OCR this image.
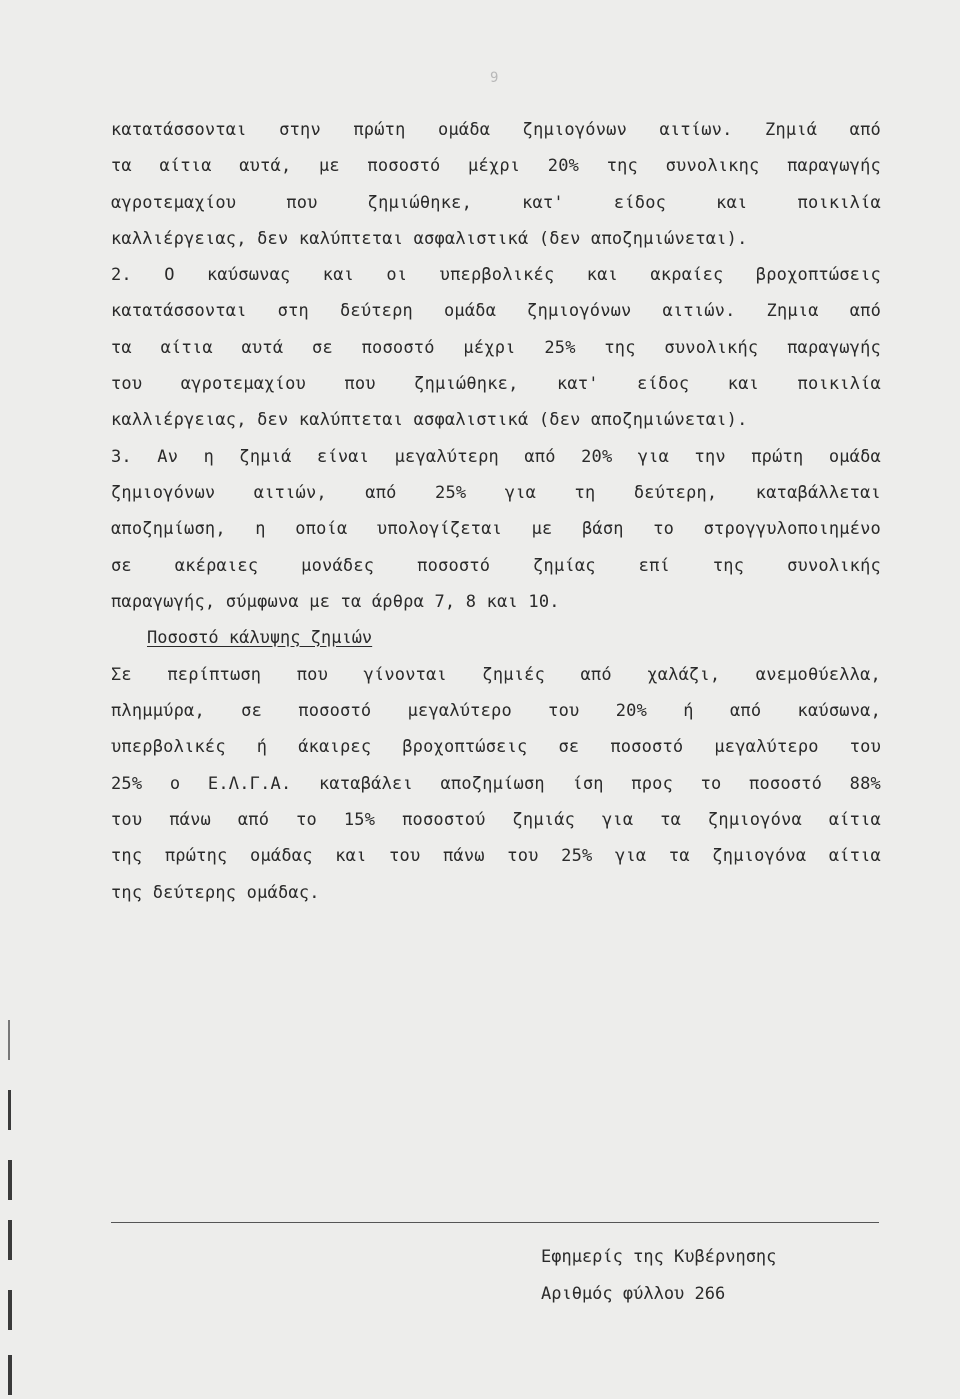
9
κατατάσσονται στην πρώτη ομάδα ζημιογόνων αιτίων. Ζημιά από
τα αίτια αυτά, με ποσοστό μέχρι 20% της συνολικης παραγωγής
αγροτεμαχίου που ζημιώθηκε, κατ' είδος και ποικιλία
καλλιέργειας, δεν καλύπτεται ασφαλιστικά (δεν αποζημιώνεται).
2. Ο καύσωνας και οι υπερβολικές και ακραίες βροχοπτώσεις
κατατάσσονται στη δεύτερη ομάδα ζημιογόνων αιτιών. Ζημια από
τα αίτια αυτά σε ποσοστό μέχρι 25% της συνολικής παραγωγής
του αγροτεμαχίου που ζημιώθηκε, κατ' είδος και ποικιλία
καλλιέργειας, δεν καλύπτεται ασφαλιστικά (δεν αποζημιώνεται).
3. Αν η ζημιά είναι μεγαλύτερη από 20% για την πρώτη ομάδα
ζημιογόνων αιτιών, από 25% για τη δεύτερη, καταβάλλεται
αποζημίωση, η οποία υπολογίζεται με βάση το στρογγυλοποιημένο
σε ακέραιες μονάδες ποσοστό ζημίας επί της συνολικής
παραγωγής, σύμφωνα με τα άρθρα 7, 8 και 10.
Ποσοστό κάλυψης ζημιών
Σε περίπτωση που γίνονται ζημιές από χαλάζι, ανεμοθύελλα,
πλημμύρα, σε ποσοστό μεγαλύτερο του 20% ή από καύσωνα,
υπερβολικές ή άκαιρες βροχοπτώσεις σε ποσοστό μεγαλύτερο του
25% ο Ε.Λ.Γ.Α. καταβάλει αποζημίωση ίση προς το ποσοστό 88%
του πάνω από το 15% ποσοστού ζημιάς για τα ζημιογόνα αίτια
της πρώτης ομάδας και του πάνω του 25% για τα ζημιογόνα αίτια
της δεύτερης ομάδας.
Εφημερίς της Κυβέρνησης
Αριθμός φύλλου 266
